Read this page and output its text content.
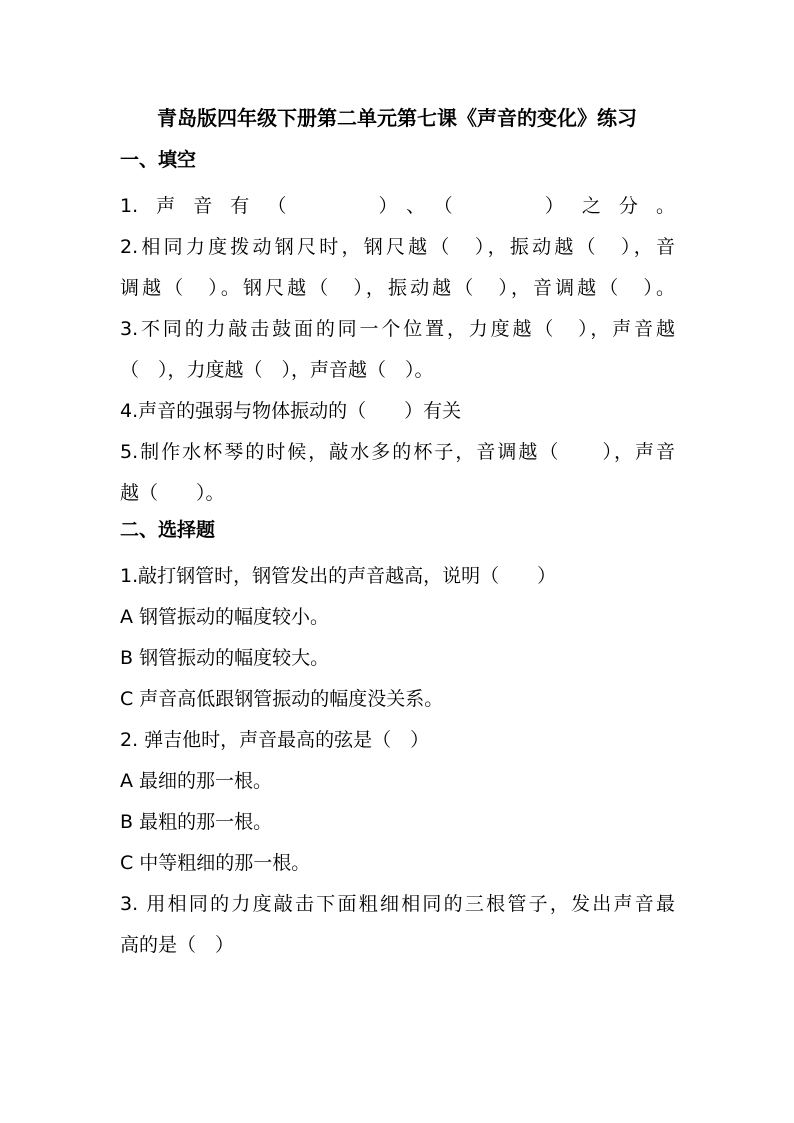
青岛版四年级下册第二单元第七课《声音的变化》练习

一、填空

1.声音有（　　）、（　　）之分。

2.相同力度拨动钢尺时，钢尺越（　），振动越（　），音

调越（　）。钢尺越（　），振动越（　），音调越（　）。

3.不同的力敲击鼓面的同一个位置，力度越（　），声音越

（　），力度越（　），声音越（　）。

4.声音的强弱与物体振动的（　　）有关

5.制作水杯琴的时候，敲水多的杯子，音调越（　　），声音

越（　　）。

二、选择题

1.敲打钢管时，钢管发出的声音越高，说明（　　）

A 钢管振动的幅度较小。

B 钢管振动的幅度较大。

C 声音高低跟钢管振动的幅度没关系。

2. 弹吉他时，声音最高的弦是（　）

A 最细的那一根。

B 最粗的那一根。

C 中等粗细的那一根。

3. 用相同的力度敲击下面粗细相同的三根管子，发出声音最

高的是（　）
